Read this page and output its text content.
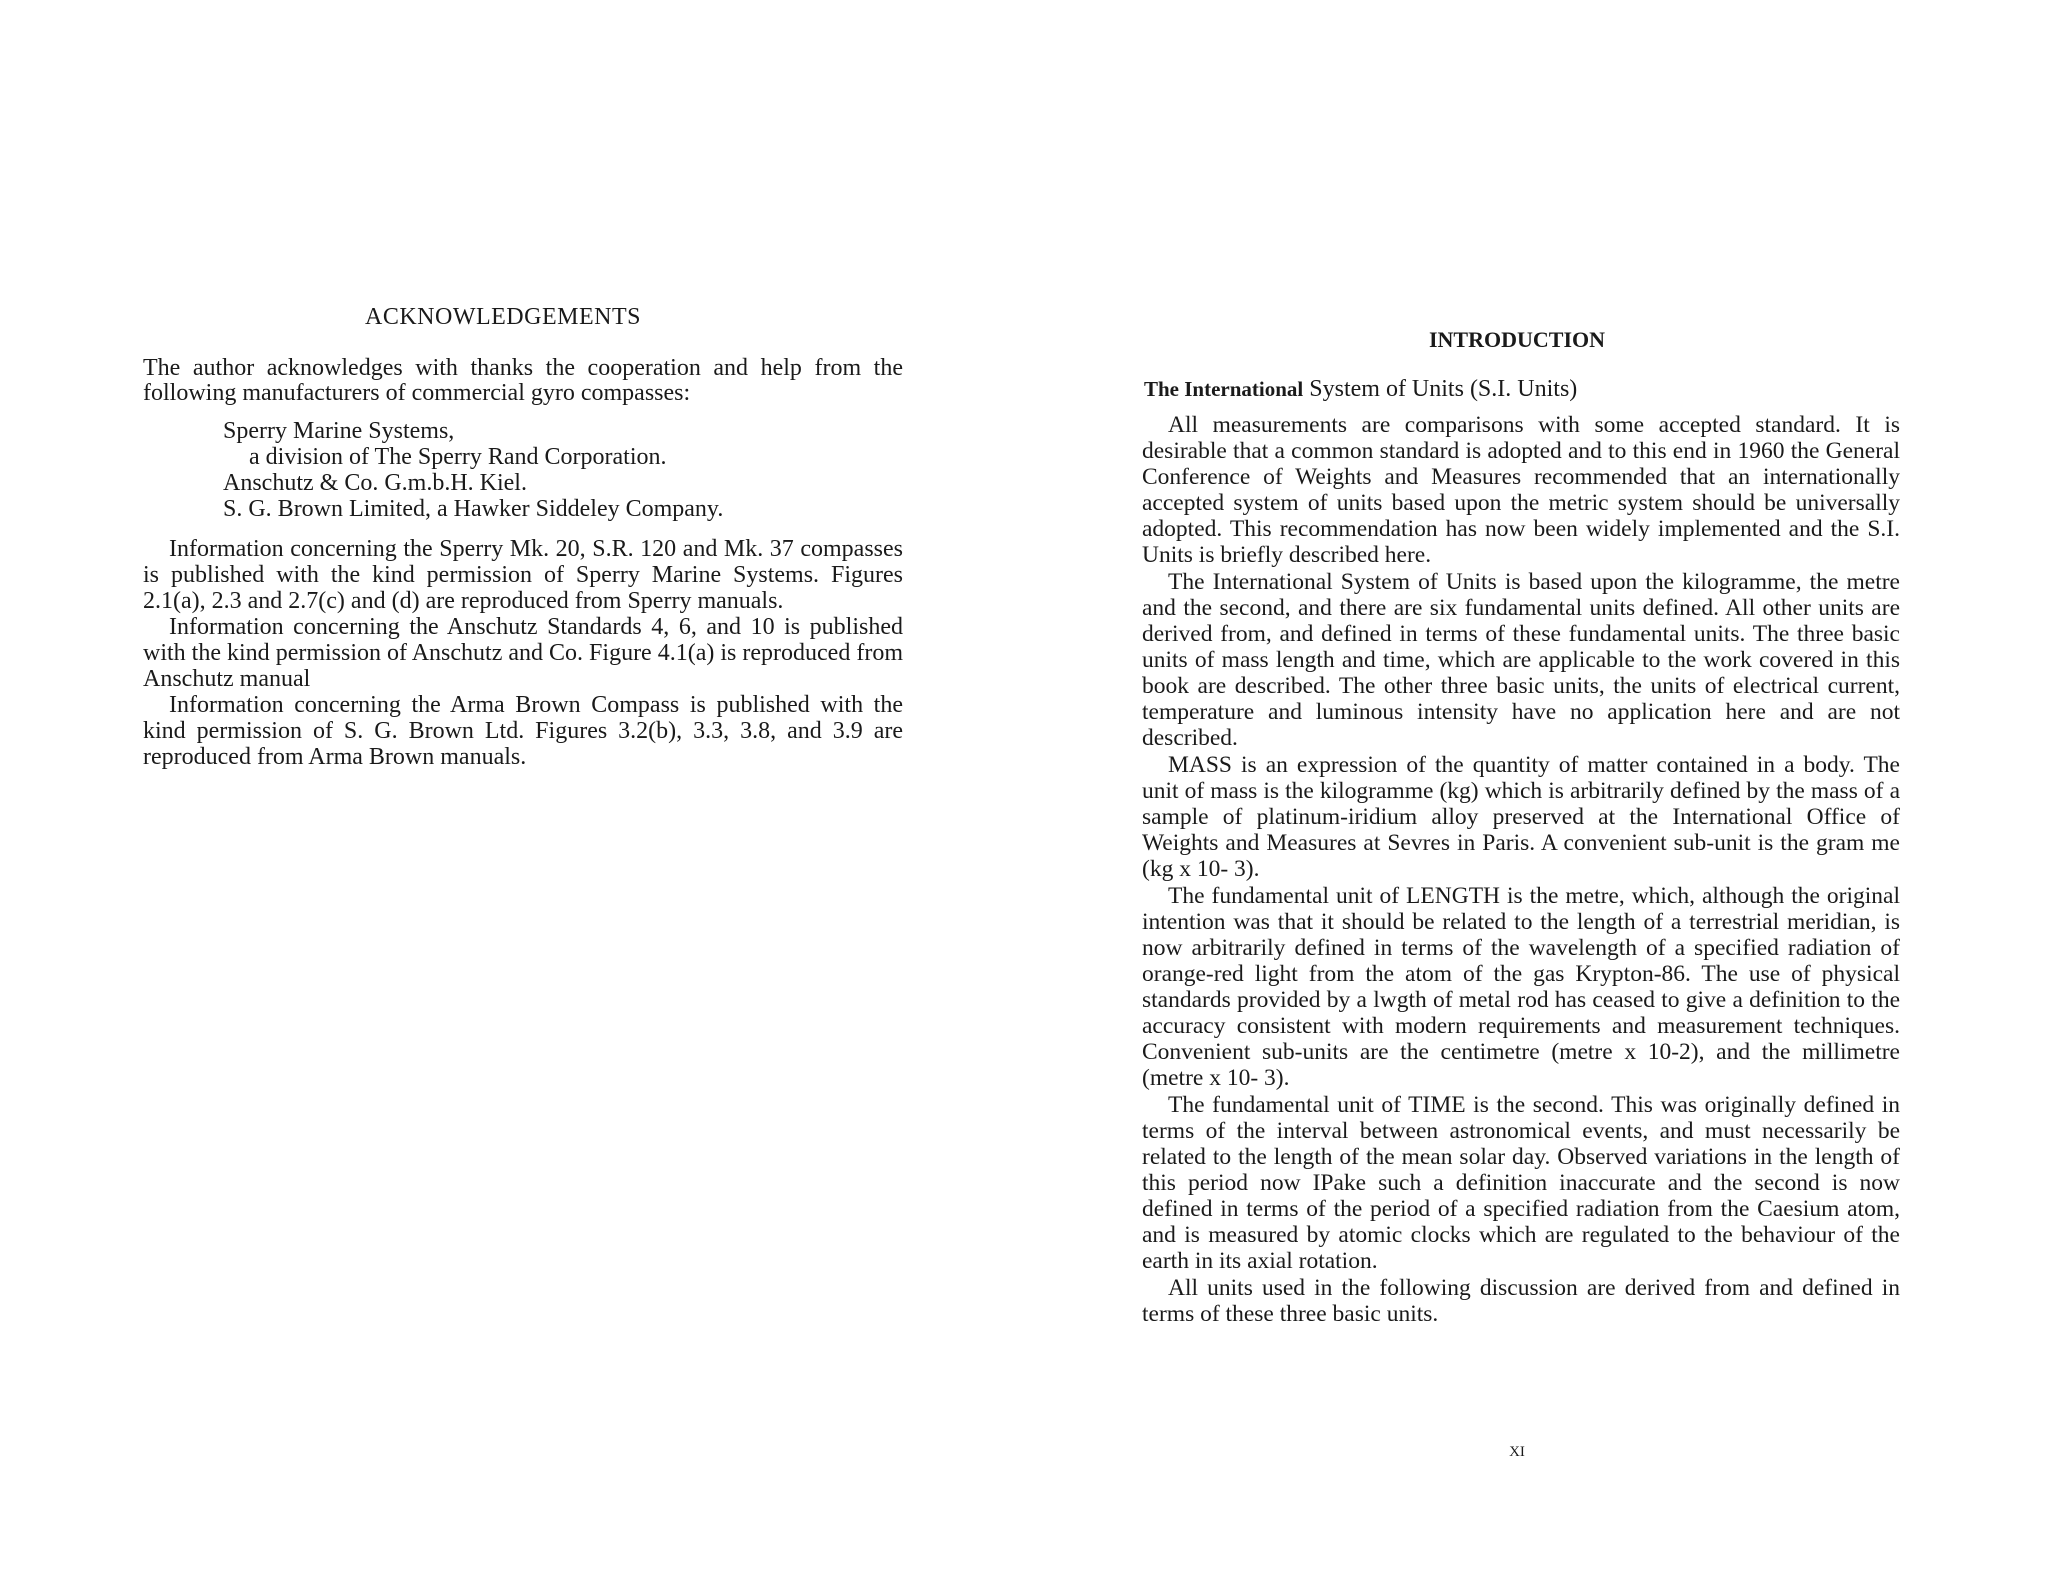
ACKNOWLEDGEMENTS
The author acknowledges with thanks the cooperation and help from the following manufacturers of commercial gyro compasses:
Sperry Marine Systems,
a division of The Sperry Rand Corporation.
Anschutz & Co. G.m.b.H. Kiel.
S. G. Brown Limited, a Hawker Siddeley Company.

Information concerning the Sperry Mk. 20, S.R. 120 and Mk. 37 compasses is published with the kind permission of Sperry Marine Systems. Figures 2.1(a), 2.3 and 2.7(c) and (d) are reproduced from Sperry manuals.

Information concerning the Anschutz Standards 4, 6, and 10 is published with the kind permission of Anschutz and Co. Figure 4.1(a) is reproduced from Anschutz manual

Information concerning the Arma Brown Compass is published with the kind permission of S. G. Brown Ltd. Figures 3.2(b), 3.3, 3.8, and 3.9 are reproduced from Arma Brown manuals.

INTRODUCTION
The International System of Units (S.I. Units)

All measurements are comparisons with some accepted standard. It is desirable that a common standard is adopted and to this end in 1960 the General Conference of Weights and Measures recommended that an internationally accepted system of units based upon the metric system should be universally adopted. This recommendation has now been widely implemented and the S.I. Units is briefly described here.

The International System of Units is based upon the kilogramme, the metre and the second, and there are six fundamental units defined. All other units are derived from, and defined in terms of these fundamental units. The three basic units of mass length and time, which are applicable to the work covered in this book are described. The other three basic units, the units of electrical current, temperature and luminous intensity have no application here and are not described.

MASS is an expression of the quantity of matter contained in a body. The unit of mass is the kilogramme (kg) which is arbitrarily defined by the mass of a sample of platinum-iridium alloy preserved at the International Office of Weights and Measures at Sevres in Paris. A convenient sub-unit is the gram me (kg x 10- 3).

The fundamental unit of LENGTH is the metre, which, although the original intention was that it should be related to the length of a terrestrial meridian, is now arbitrarily defined in terms of the wavelength of a specified radiation of orange-red light from the atom of the gas Krypton-86. The use of physical standards provided by a lwgth of metal rod has ceased to give a definition to the accuracy consistent with modern requirements and measurement techniques. Convenient sub-units are the centimetre (metre x 10-2), and the millimetre (metre x 10- 3).

The fundamental unit of TIME is the second. This was originally defined in terms of the interval between astronomical events, and must necessarily be related to the length of the mean solar day. Observed variations in the length of this period now IPake such a definition inaccurate and the second is now defined in terms of the period of a specified radiation from the Caesium atom, and is measured by atomic clocks which are regulated to the behaviour of the earth in its axial rotation.

All units used in the following discussion are derived from and defined in terms of these three basic units.

XI
